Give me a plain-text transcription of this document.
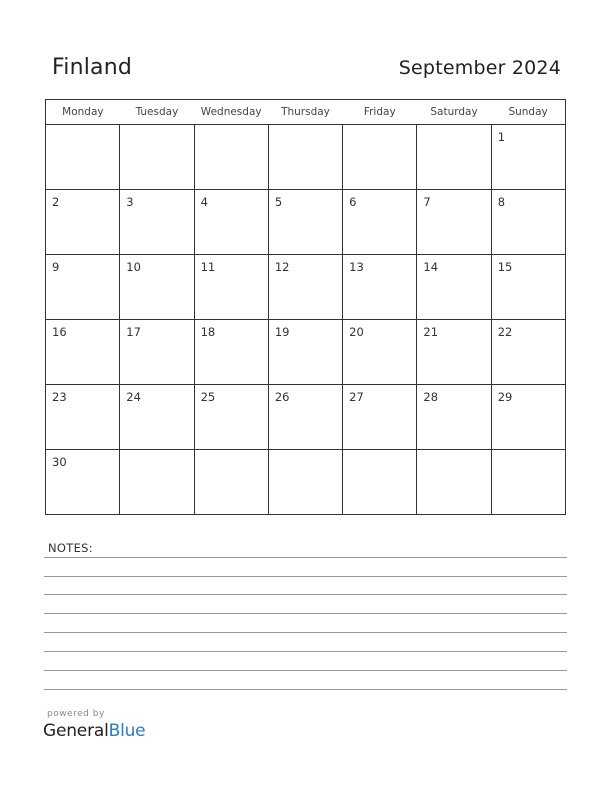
Finland	September 2024
Monday	Tuesday	Wednesday	Thursday	Friday	Saturday	Sunday

						1

2	3	4	5	6	7	8

9	10	11	12	13	14	15

16	17	18	19	20	21	22

23	24	25	26	27	28	29

30						

NOTES:
powered by
GeneralBlue
